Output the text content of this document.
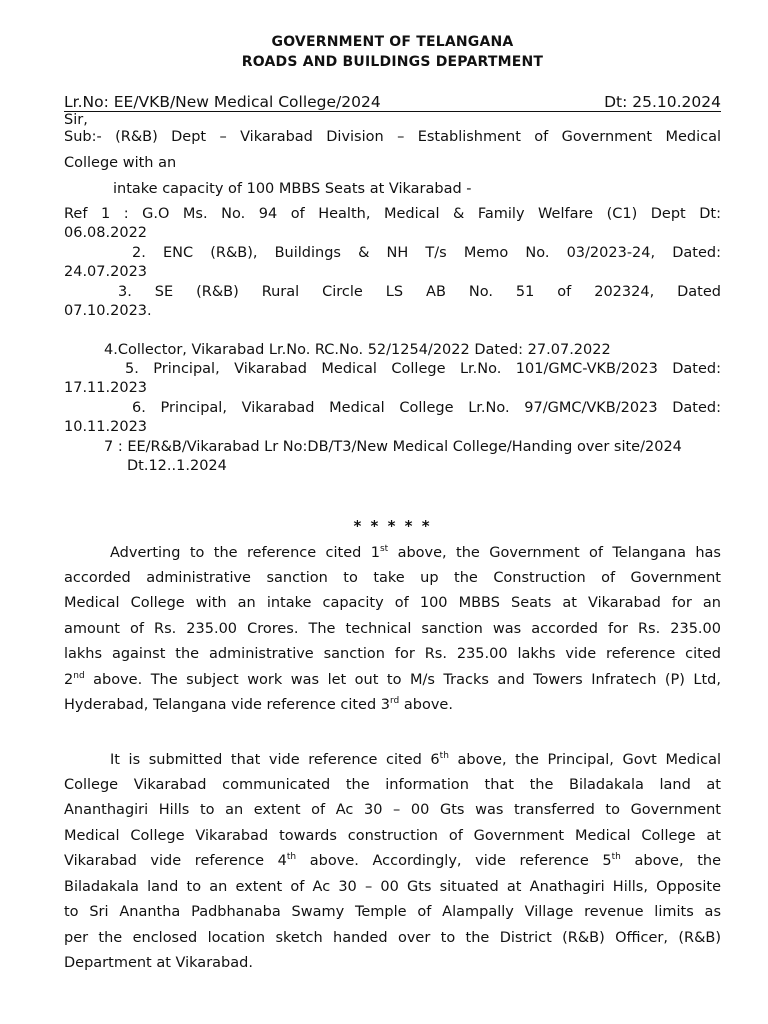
GOVERNMENT OF TELANGANA
ROADS AND BUILDINGS DEPARTMENT
Lr.No: EE/VKB/New Medical College/2024	Dt: 25.10.2024
Sir,
Sub:- (R&B) Dept – Vikarabad Division – Establishment of Government Medical
College with an
intake capacity of 100 MBBS Seats at Vikarabad -
Ref 1 : G.O Ms. No. 94 of Health, Medical & Family Welfare (C1) Dept Dt:
06.08.2022
2. ENC (R&B), Buildings & NH T/s Memo No. 03/2023-24, Dated:
24.07.2023
3. SE (R&B) Rural Circle LS AB No. 51 of 202324, Dated
07.10.2023.
4.Collector, Vikarabad Lr.No. RC.No. 52/1254/2022 Dated: 27.07.2022
5. Principal, Vikarabad Medical College Lr.No. 101/GMC-VKB/2023 Dated:
17.11.2023
6. Principal, Vikarabad Medical College Lr.No. 97/GMC/VKB/2023 Dated:
10.11.2023
7 : EE/R&B/Vikarabad Lr No:DB/T3/New Medical College/Handing over site/2024
Dt.12..1.2024
* * * * *
Adverting to the reference cited 1st above, the Government of Telangana has
accorded administrative sanction to take up the Construction of Government
Medical College with an intake capacity of 100 MBBS Seats at Vikarabad for an
amount of Rs. 235.00 Crores. The technical sanction was accorded for Rs. 235.00
lakhs against the administrative sanction for Rs. 235.00 lakhs vide reference cited
2nd above. The subject work was let out to M/s Tracks and Towers Infratech (P) Ltd,
Hyderabad, Telangana vide reference cited 3rd above.
It is submitted that vide reference cited 6th above, the Principal, Govt Medical
College Vikarabad communicated the information that the Biladakala land at
Ananthagiri Hills to an extent of Ac 30 – 00 Gts was transferred to Government
Medical College Vikarabad towards construction of Government Medical College at
Vikarabad vide reference 4th above. Accordingly, vide reference 5th above, the
Biladakala land to an extent of Ac 30 – 00 Gts situated at Anathagiri Hills, Opposite
to Sri Anantha Padbhanaba Swamy Temple of Alampally Village revenue limits as
per the enclosed location sketch handed over to the District (R&B) Officer, (R&B)
Department at Vikarabad.
